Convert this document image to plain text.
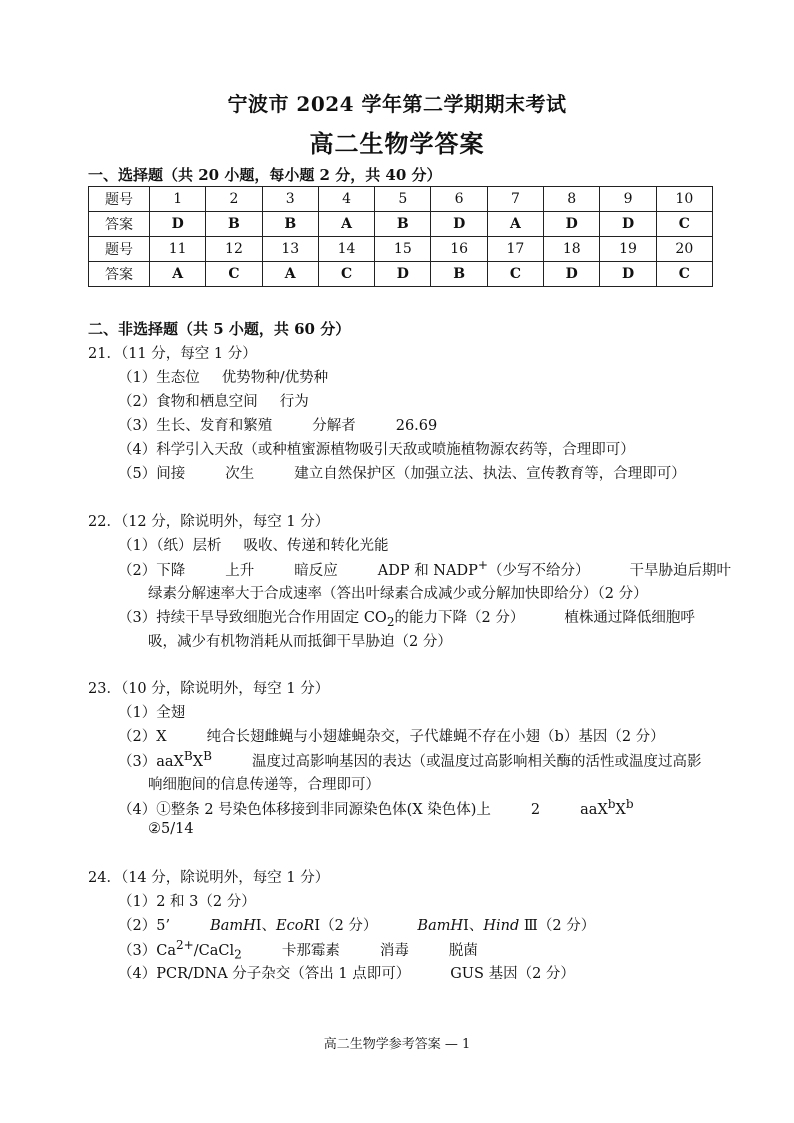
宁波市 2024 学年第二学期期末考试
高二生物学答案
一、选择题（共 20 小题，每小题 2 分，共 40 分）
题号	1	2	3	4	5	6	7	8	9	10
答案	D	B	B	A	B	D	A	D	D	C
题号	11	12	13	14	15	16	17	18	19	20
答案	A	C	A	C	D	B	C	D	D	C
二、非选择题（共 5 小题，共 60 分）
21．（11 分，每空 1 分）
（1）生态位 优势物种/优势种
（2）食物和栖息空间 行为
（3）生长、发育和繁殖	分解者	26.69
（4）科学引入天敌（或种植蜜源植物吸引天敌或喷施植物源农药等，合理即可）
（5）间接	次生	建立自然保护区（加强立法、执法、宣传教育等，合理即可）
22．（12 分，除说明外，每空 1 分）
（1）（纸）层析 吸收、传递和转化光能
（2）下降	上升	暗反应	ADP 和 NADP+（少写不给分）	干旱胁迫后期叶
绿素分解速率大于合成速率（答出叶绿素合成减少或分解加快即给分）（2 分）
（3）持续干旱导致细胞光合作用固定 $CO_2$的能力下降（2 分）	植株通过降低细胞呼
吸，减少有机物消耗从而抵御干旱胁迫（2 分）
23．（10 分，除说明外，每空 1 分）
（1）全翅
（2）X	纯合长翅雌蝇与小翅雄蝇杂交，子代雄蝇不存在小翅（b）基因（2 分）
$(3)aaX^BX^B$	温度过高影响基因的表达（或温度过高影响相关酶的活性或温度过高影
响细胞间的信息传递等，合理即可）
（4）①整条 2 号染色体移接到非同源染色体(X 染色体)上	2	$aaX^bX^b$
②5/14
24．（14 分，除说明外，每空 1 分）
（1）2 和 3（2 分）
（2）5’	BamHⅠ、EcoRⅠ（2 分）	BamHⅠ、Hind Ⅲ（2 分）
$(3)Ca^{2+}/CaCl_2$	卡那霉素	消毒	脱菌
（4）PCR/DNA 分子杂交（答出 1 点即可）	GUS 基因（2 分）
高二生物学参考答案 — 1
